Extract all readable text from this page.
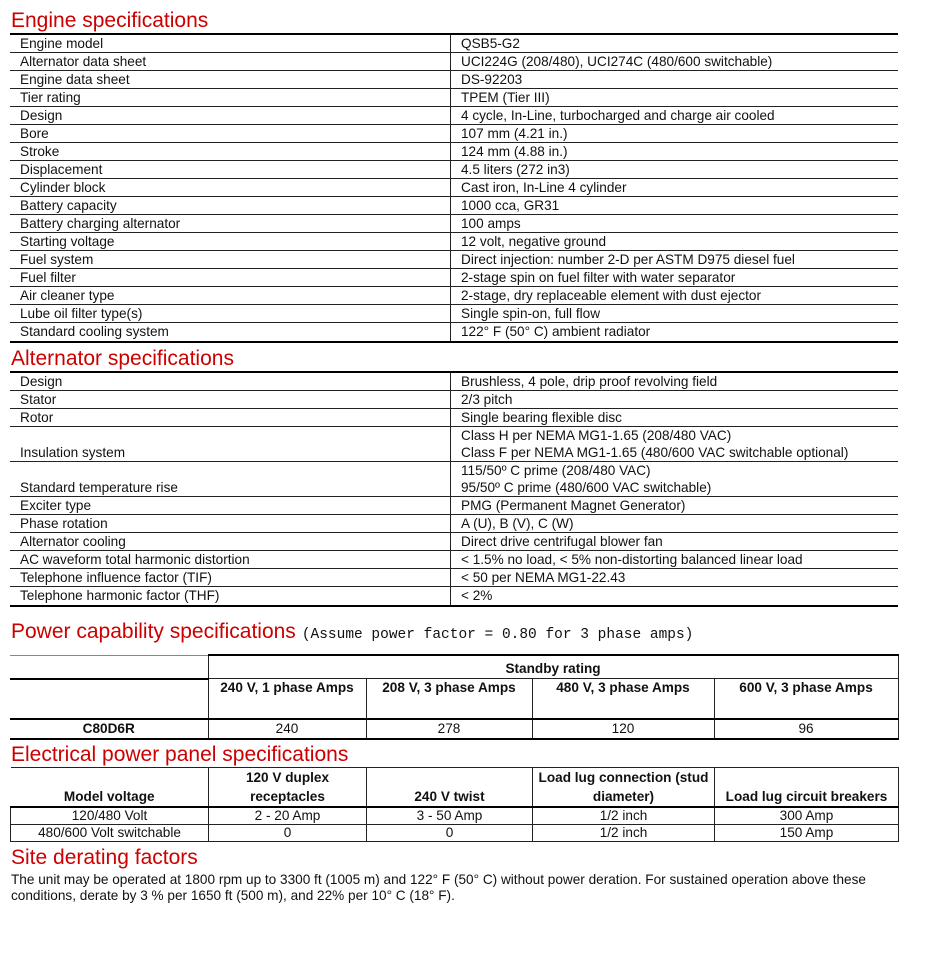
Engine specifications
Engine model	QSB5-G2
Alternator data sheet	UCI224G (208/480), UCI274C (480/600 switchable)
Engine data sheet	DS-92203
Tier rating	TPEM (Tier III)
Design	4 cycle, In-Line, turbocharged and charge air cooled
Bore	107 mm (4.21 in.)
Stroke	124 mm (4.88 in.)
Displacement	4.5 liters (272 in3)
Cylinder block	Cast iron, In-Line 4 cylinder
Battery capacity	1000 cca, GR31
Battery charging alternator	100 amps
Starting voltage	12 volt, negative ground
Fuel system	Direct injection: number 2-D per ASTM D975 diesel fuel
Fuel filter	2-stage spin on fuel filter with water separator
Air cleaner type	2-stage, dry replaceable element with dust ejector
Lube oil filter type(s)	Single spin-on, full flow
Standard cooling system	122° F (50° C) ambient radiator
Alternator specifications
Design	Brushless, 4 pole, drip proof revolving field
Stator	2/3 pitch
Rotor	Single bearing flexible disc
Insulation system	Class H per NEMA MG1-1.65 (208/480 VAC)
Class F per NEMA MG1-1.65 (480/600 VAC switchable optional)

Standard temperature rise	115/50º C prime (208/480 VAC)
95/50º C prime (480/600 VAC switchable)

Exciter type	PMG (Permanent Magnet Generator)
Phase rotation	A (U), B (V), C (W)
Alternator cooling	Direct drive centrifugal blower fan
AC waveform total harmonic distortion	< 1.5% no load, < 5% non-distorting balanced linear load
Telephone influence factor (TIF)	< 50 per NEMA MG1-22.43
Telephone harmonic factor (THF)	< 2%
Power capability specifications (Assume power factor = 0.80 for 3 phase amps)
	Standby rating			
	240 V, 1 phase Amps	208 V, 3 phase Amps	480 V, 3 phase Amps	600 V, 3 phase Amps
C80D6R	240	278	120	96
Electrical power panel specifications
Model voltage	120 V duplex receptacles	240 V twist	Load lug connection (stud diameter)	Load lug circuit breakers
120/480 Volt	2 - 20 Amp	3 - 50 Amp	1/2 inch	300 Amp
480/600 Volt switchable	0	0	1/2 inch	150 Amp
Site derating factors
The unit may be operated at 1800 rpm up to 3300 ft (1005 m) and 122° F (50° C) without power deration. For sustained operation above these conditions, derate by 3 % per 1650 ft (500 m), and 22% per 10° C (18° F).
